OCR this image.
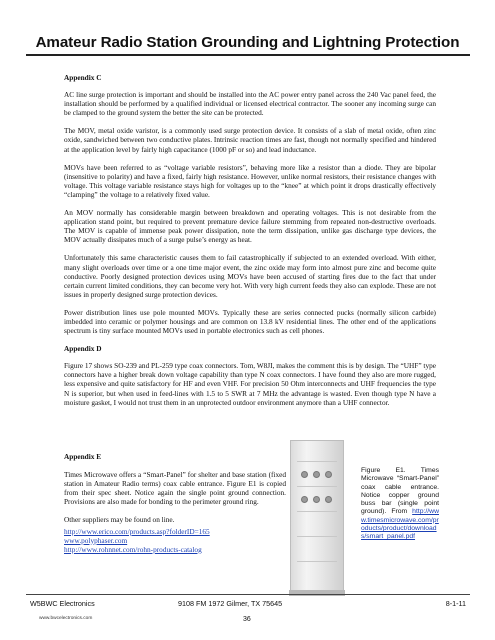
Amateur Radio Station Grounding and Lightning Protection

Appendix C

AC line surge protection is important and should be installed into the AC power entry panel across the 240 Vac panel feed, the installation should be performed by a qualified individual or licensed electrical contractor. The sooner any incoming surge can be clamped to the ground system the better the site can be protected.

The MOV, metal oxide varistor, is a commonly used surge protection device. It consists of a slab of metal oxide, often zinc oxide, sandwiched between two conductive plates. Intrinsic reaction times are fast, though not normally specified and hindered at the application level by fairly high capacitance (1000 pF or so) and lead inductance.

MOVs have been referred to as “voltage variable resistors”, behaving more like a resistor than a diode. They are bipolar (insensitive to polarity) and have a fixed, fairly high resistance. However, unlike normal resistors, their resistance changes with voltage. This voltage variable resistance stays high for voltages up to the “knee” at which point it drops drastically effectively “clamping” the voltage to a relatively fixed value.

An MOV normally has considerable margin between breakdown and operating voltages. This is not desirable from the application stand point, but required to prevent premature device failure stemming from repeated non-destructive overloads. The MOV is capable of immense peak power dissipation, note the term dissipation, unlike gas discharge type devices, the MOV actually dissipates much of a surge pulse’s energy as heat.

Unfortunately this same characteristic causes them to fail catastrophically if subjected to an extended overload. With either, many slight overloads over time or a one time major event, the zinc oxide may form into almost pure zinc and become quite conductive. Poorly designed protection devices using MOVs have been accused of starting fires due to the fact that under certain current limited conditions, they can become very hot. With very high current feeds they also can explode. These are not issues in properly designed surge protection devices.

Power distribution lines use pole mounted MOVs. Typically these are series connected pucks (normally silicon carbide) imbedded into ceramic or polymer housings and are common on 13.8 kV residential lines. The other end of the applications spectrum is tiny surface mounted MOVs used in portable electronics such as cell phones.

Appendix D

Figure 17 shows SO-239 and PL-259 type coax connectors. Tom, W8JI, makes the comment this is by design. The “UHF” type connectors have a higher break down voltage capability than type N coax connectors. I have found they also are more rugged, less expensive and quite satisfactory for HF and even VHF. For precision 50 Ohm interconnects and UHF frequencies the type N is superior, but when used in feed-lines with 1.5 to 5 SWR at 7 MHz the advantage is wasted. Even though type N have a moisture gasket, I would not trust them in an unprotected outdoor environment anymore than a UHF connector.

Appendix E

Times Microwave offers a “Smart-Panel” for shelter and base station (fixed station in Amateur Radio terms) coax cable entrance. Figure E1 is copied from their spec sheet. Notice again the single point ground connection. Provisions are also made for bonding to the perimeter ground ring.

Other suppliers may be found on line.

http://www.erico.com/products.asp?folderID=165
www.polyphaser.com
http://www.rohnnet.com/rohn-products-catalog
Figure E1. Times Microwave “Smart-Panel” coax cable entrance. Notice copper ground buss bar (single point ground). From http://www.timesmicrowave.com/products/product/downloads/smart_panel.pdf
W5BWC Electronics	9108 FM 1972 Gilmer, TX 75645	8-1-11
www.bwcelectronics.com	36
